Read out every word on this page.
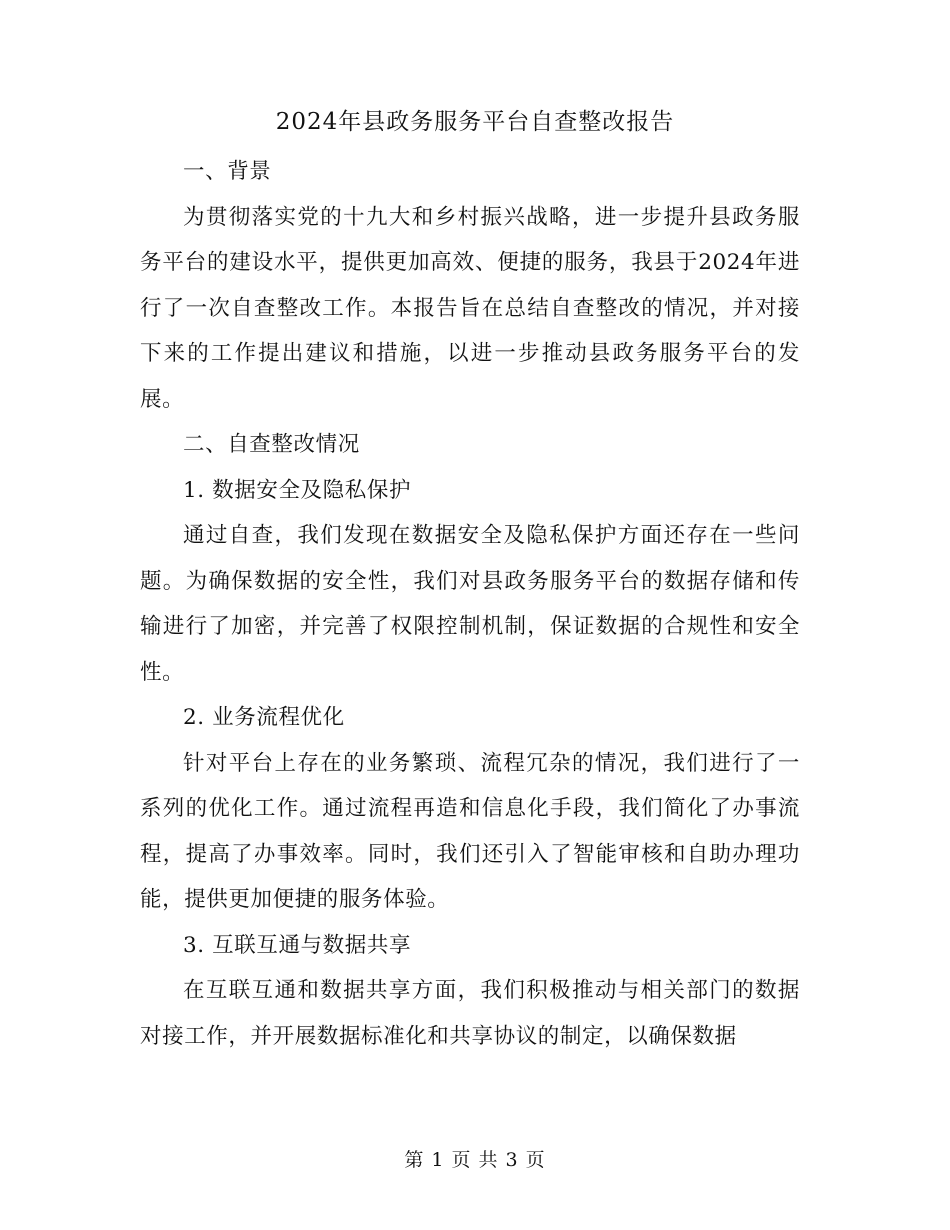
2024年县政务服务平台自查整改报告

一、背景

为贯彻落实党的十九大和乡村振兴战略，进一步提升县政务服务平台的建设水平，提供更加高效、便捷的服务，我县于2024年进行了一次自查整改工作。本报告旨在总结自查整改的情况，并对接下来的工作提出建议和措施，以进一步推动县政务服务平台的发展。

二、自查整改情况

1. 数据安全及隐私保护

通过自查，我们发现在数据安全及隐私保护方面还存在一些问题。为确保数据的安全性，我们对县政务服务平台的数据存储和传输进行了加密，并完善了权限控制机制，保证数据的合规性和安全性。

2. 业务流程优化

针对平台上存在的业务繁琐、流程冗杂的情况，我们进行了一系列的优化工作。通过流程再造和信息化手段，我们简化了办事流程，提高了办事效率。同时，我们还引入了智能审核和自助办理功能，提供更加便捷的服务体验。

3. 互联互通与数据共享

在互联互通和数据共享方面，我们积极推动与相关部门的数据对接工作，并开展数据标准化和共享协议的制定，以确保数据

第 1 页 共 3 页
